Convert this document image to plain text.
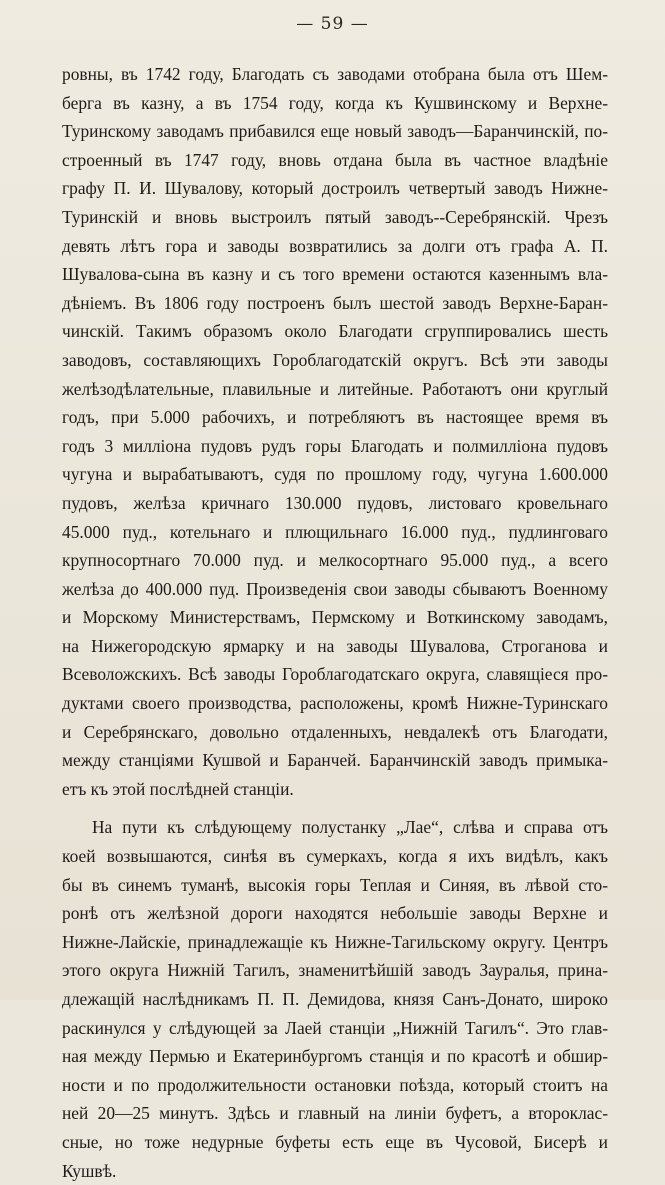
— 59 —
ровны, въ 1742 году, Благодать съ заводами отобрана была отъ Шем-
берга въ казну, а въ 1754 году, когда къ Кушвинскому и Верхне-
Туринскому заводамъ прибавился еще новый заводъ—Баранчинскій, по-
строенный въ 1747 году, вновь отдана была въ частное владѣніе
графу П. И. Шувалову, который достроилъ четвертый заводъ Нижне-
Туринскій и вновь выстроилъ пятый заводъ--Серебрянскій. Чрезъ
девять лѣтъ гора и заводы возвратились за долги отъ графа А. П.
Шувалова-сына въ казну и съ того времени остаются казеннымъ влa-
дѣніемъ. Въ 1806 году построенъ былъ шестой заводъ Верхне-Баран-
чинскій. Такимъ образомъ около Благодати сгруппировались шесть
заводовъ, составляющихъ Гороблагодатскій округъ. Всѣ эти заводы
желѣзодѣлательные, плавильные и литейные. Работаютъ они круглый
годъ, при 5.000 рабочихъ, и потребляютъ въ настоящее время въ
годъ 3 милліона пудовъ рудъ горы Благодать и полмилліона пудовъ
чугуна и вырабатываютъ, судя по прошлому году, чугуна 1.600.000
пудовъ, желѣза кричнаго 130.000 пудовъ, листоваго кровельнаго
45.000 пуд., котельнаго и плющильнаго 16.000 пуд., пудлинговаго
крупносортнаго 70.000 пуд. и мелкосортнаго 95.000 пуд., а всего
желѣза до 400.000 пуд. Произведенія свои заводы сбываютъ Военному
и Морскому Министерствамъ, Пермскому и Воткинскому заводамъ,
на Нижегородскую ярмарку и на заводы Шувалова, Строганова и
Всеволожскихъ. Всѣ заводы Гороблагодатскаго округа, славящіеся про-
дуктами своего производства, расположены, кромѣ Нижне-Туринскаго
и Серебрянскаго, довольно отдаленныхъ, невдалекѣ отъ Благодати,
между станціями Кушвой и Баранчей. Баранчинскій заводъ примыка-
етъ къ этой послѣдней станціи.
На пути къ слѣдующему полустанку „Лае“, слѣва и справа отъ
коей возвышаются, синѣя въ сумеркахъ, когда я ихъ видѣлъ, какъ
бы въ синемъ туманѣ, высокія горы Теплая и Синяя, въ лѣвой сто-
ронѣ отъ желѣзной дороги находятся небольшіе заводы Верхне и
Нижне-Лайскіе, принадлежащіе къ Нижне-Тагильскому округу. Центръ
этого округа Нижній Тагилъ, знаменитѣйшій заводъ Зауралья, прина-
длежащій наслѣдникамъ П. П. Демидова, князя Санъ-Донато, широко
раскинулся у слѣдующей за Лаей станціи „Нижній Тагилъ“. Это глав-
ная между Пермью и Екатеринбургомъ станція и по красотѣ и обшир-
ности и по продолжительности остановки поѣзда, который стоитъ на
ней 20—25 минутъ. Здѣсь и главный на линіи буфетъ, а второклас-
сные, но тоже недурные буфеты есть еще въ Чусовой, Бисерѣ и
Кушвѣ.
